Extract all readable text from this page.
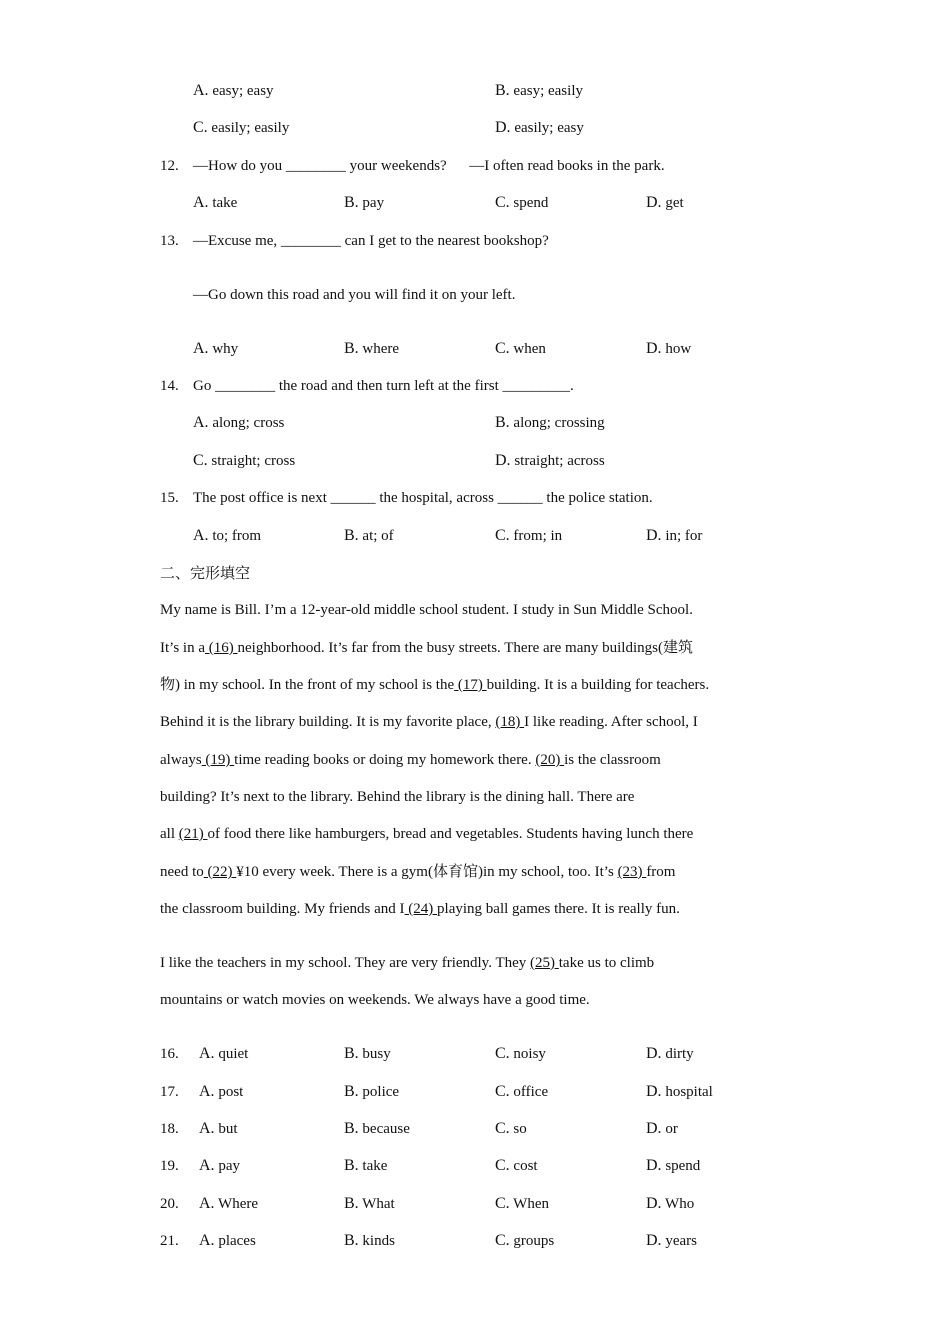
A. easy; easy	B. easy; easily
C. easily; easily	D. easily; easy
12. —How do you ________ your weekends?      —I often read books in the park.
A. take	B. pay	C. spend	D. get
13. —Excuse me, ________ can I get to the nearest bookshop?
—Go down this road and you will find it on your left.
A. why	B. where	C. when	D. how
14. Go ________ the road and then turn left at the first _________.
A. along; cross	B. along; crossing
C. straight; cross	D. straight; across
15. The post office is next ______ the hospital, across ______ the police station.
A. to; from	B. at; of	C. from; in	D. in; for
二、完形填空
My name is Bill. I’m a 12-year-old middle school student. I study in Sun Middle School.
It’s in a (16) neighborhood. It’s far from the busy streets. There are many buildings(建筑
物) in my school. In the front of my school is the (17) building. It is a building for teachers.
Behind it is the library building. It is my favorite place, (18) I like reading. After school, I
always (19) time reading books or doing my homework there. (20) is the classroom
building? It’s next to the library. Behind the library is the dining hall. There are
all (21) of food there like hamburgers, bread and vegetables. Students having lunch there
need to (22) ¥10 every week. There is a gym(体育馆)in my school, too. It’s (23) from
the classroom building. My friends and I (24) playing ball games there. It is really fun.
I like the teachers in my school. They are very friendly. They (25) take us to climb
mountains or watch movies on weekends. We always have a good time.
16. A. quiet	B. busy	C. noisy	D. dirty
17. A. post	B. police	C. office	D. hospital
18. A. but	B. because	C. so	D. or
19. A. pay	B. take	C. cost	D. spend
20. A. Where	B. What	C. When	D. Who
21. A. places	B. kinds	C. groups	D. years
